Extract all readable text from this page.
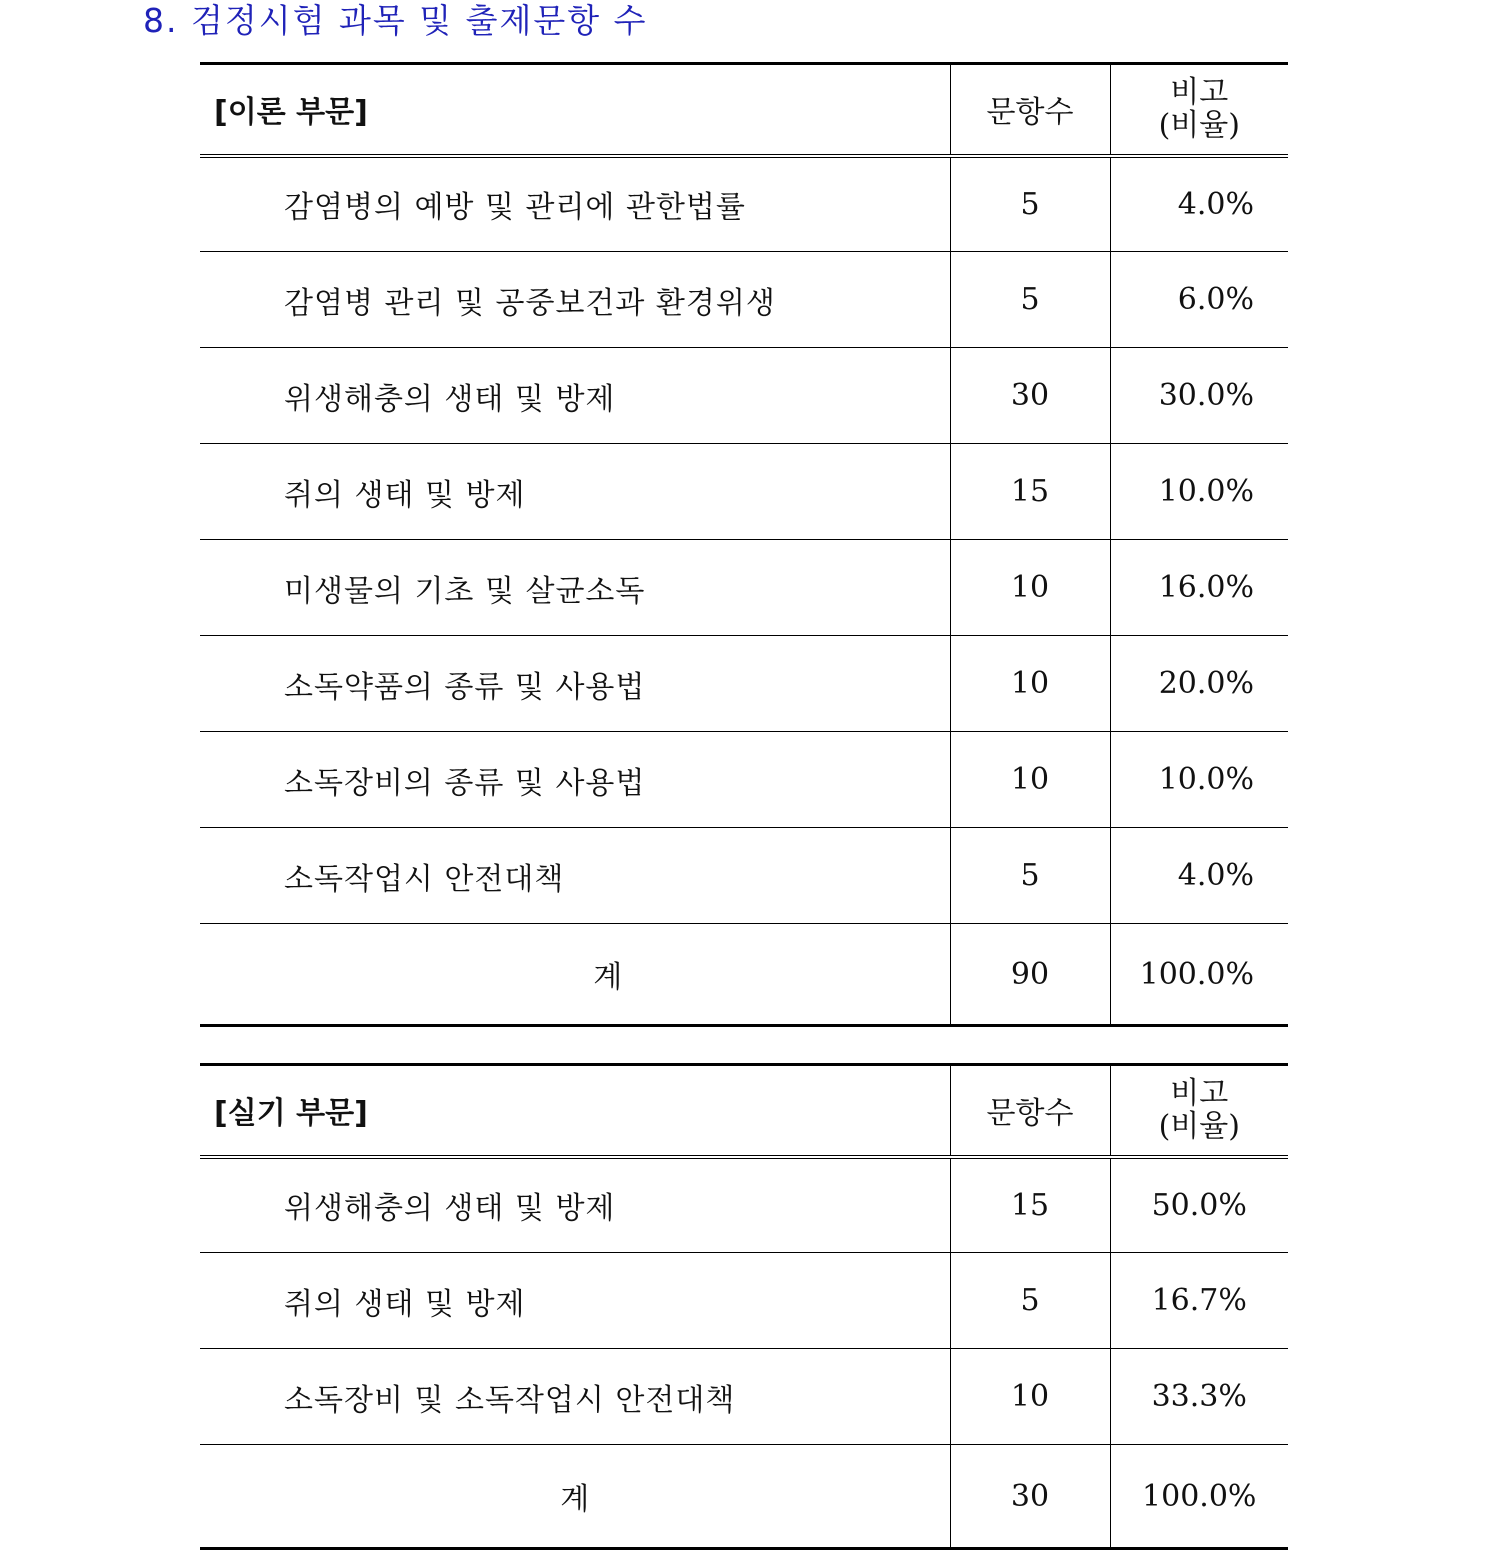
8. 검정시험 과목 및 출제문항 수
[이론 부문]	문항수	비고
(비율)
감염병의 예방 및 관리에 관한법률	5	4.0%
감염병 관리 및 공중보건과 환경위생	5	6.0%
위생해충의 생태 및 방제	30	30.0%
쥐의 생태 및 방제	15	10.0%
미생물의 기초 및 살균소독	10	16.0%
소독약품의 종류 및 사용법	10	20.0%
소독장비의 종류 및 사용법	10	10.0%
소독작업시 안전대책	5	4.0%
계	90	100.0%
[실기 부문]	문항수	비고
(비율)
위생해충의 생태 및 방제	15	50.0%
쥐의 생태 및 방제	5	16.7%
소독장비 및 소독작업시 안전대책	10	33.3%
계	30	100.0%
